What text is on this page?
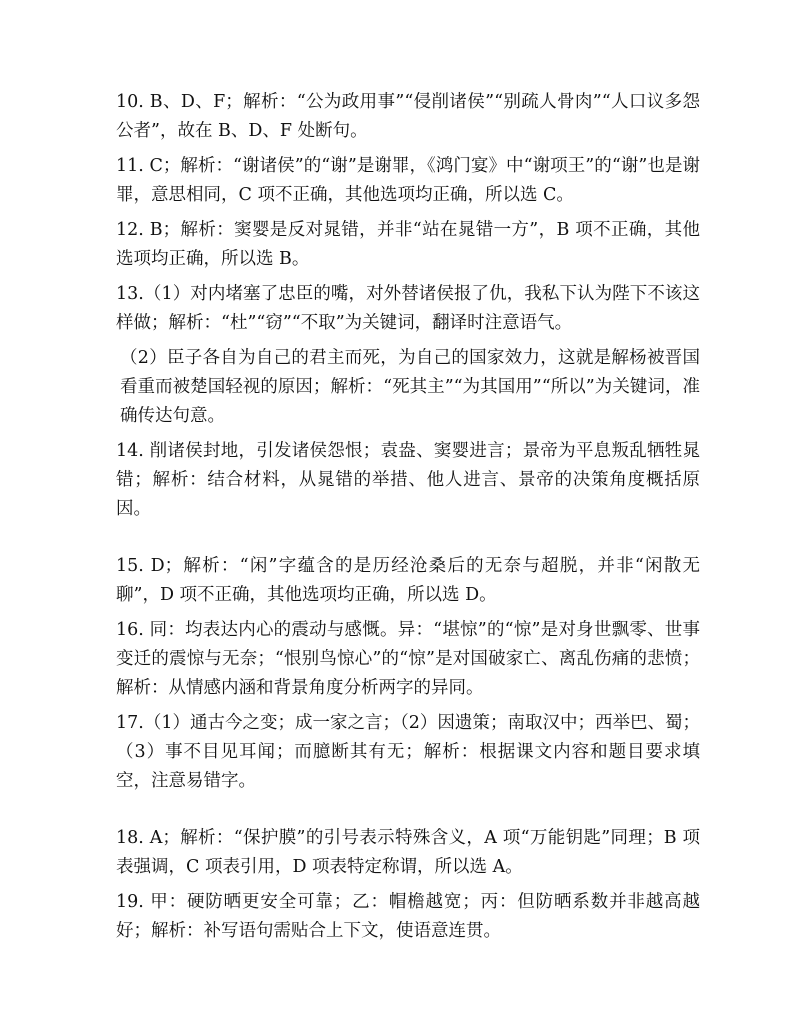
10. B、D、F；解析：“公为政用事”“侵削诸侯”“别疏人骨肉”“人口议多怨公者”，故在 B、D、F 处断句。

11. C；解析：“谢诸侯”的“谢”是谢罪，《鸿门宴》中“谢项王”的“谢”也是谢罪，意思相同，C 项不正确，其他选项均正确，所以选 C。

12. B；解析：窦婴是反对晁错，并非“站在晁错一方”，B 项不正确，其他选项均正确，所以选 B。

13.（1）对内堵塞了忠臣的嘴，对外替诸侯报了仇，我私下认为陛下不该这样做；解析：“杜”“窃”“不取”为关键词，翻译时注意语气。

（2）臣子各自为自己的君主而死，为自己的国家效力，这就是解杨被晋国看重而被楚国轻视的原因；解析：“死其主”“为其国用”“所以”为关键词，准确传达句意。

14. 削诸侯封地，引发诸侯怨恨；袁盎、窦婴进言；景帝为平息叛乱牺牲晁错；解析：结合材料，从晁错的举措、他人进言、景帝的决策角度概括原因。

15. D；解析：“闲”字蕴含的是历经沧桑后的无奈与超脱，并非“闲散无聊”，D 项不正确，其他选项均正确，所以选 D。

16. 同：均表达内心的震动与感慨。异：“堪惊”的“惊”是对身世飘零、世事变迁的震惊与无奈；“恨别鸟惊心”的“惊”是对国破家亡、离乱伤痛的悲愤；解析：从情感内涵和背景角度分析两字的异同。

17.（1）通古今之变；成一家之言；（2）因遗策；南取汉中；西举巴、蜀；（3）事不目见耳闻；而臆断其有无；解析：根据课文内容和题目要求填空，注意易错字。

18. A；解析：“保护膜”的引号表示特殊含义，A 项“万能钥匙”同理；B 项表强调，C 项表引用，D 项表特定称谓，所以选 A。

19. 甲：硬防晒更安全可靠；乙：帽檐越宽；丙：但防晒系数并非越高越好；解析：补写语句需贴合上下文，使语意连贯。
